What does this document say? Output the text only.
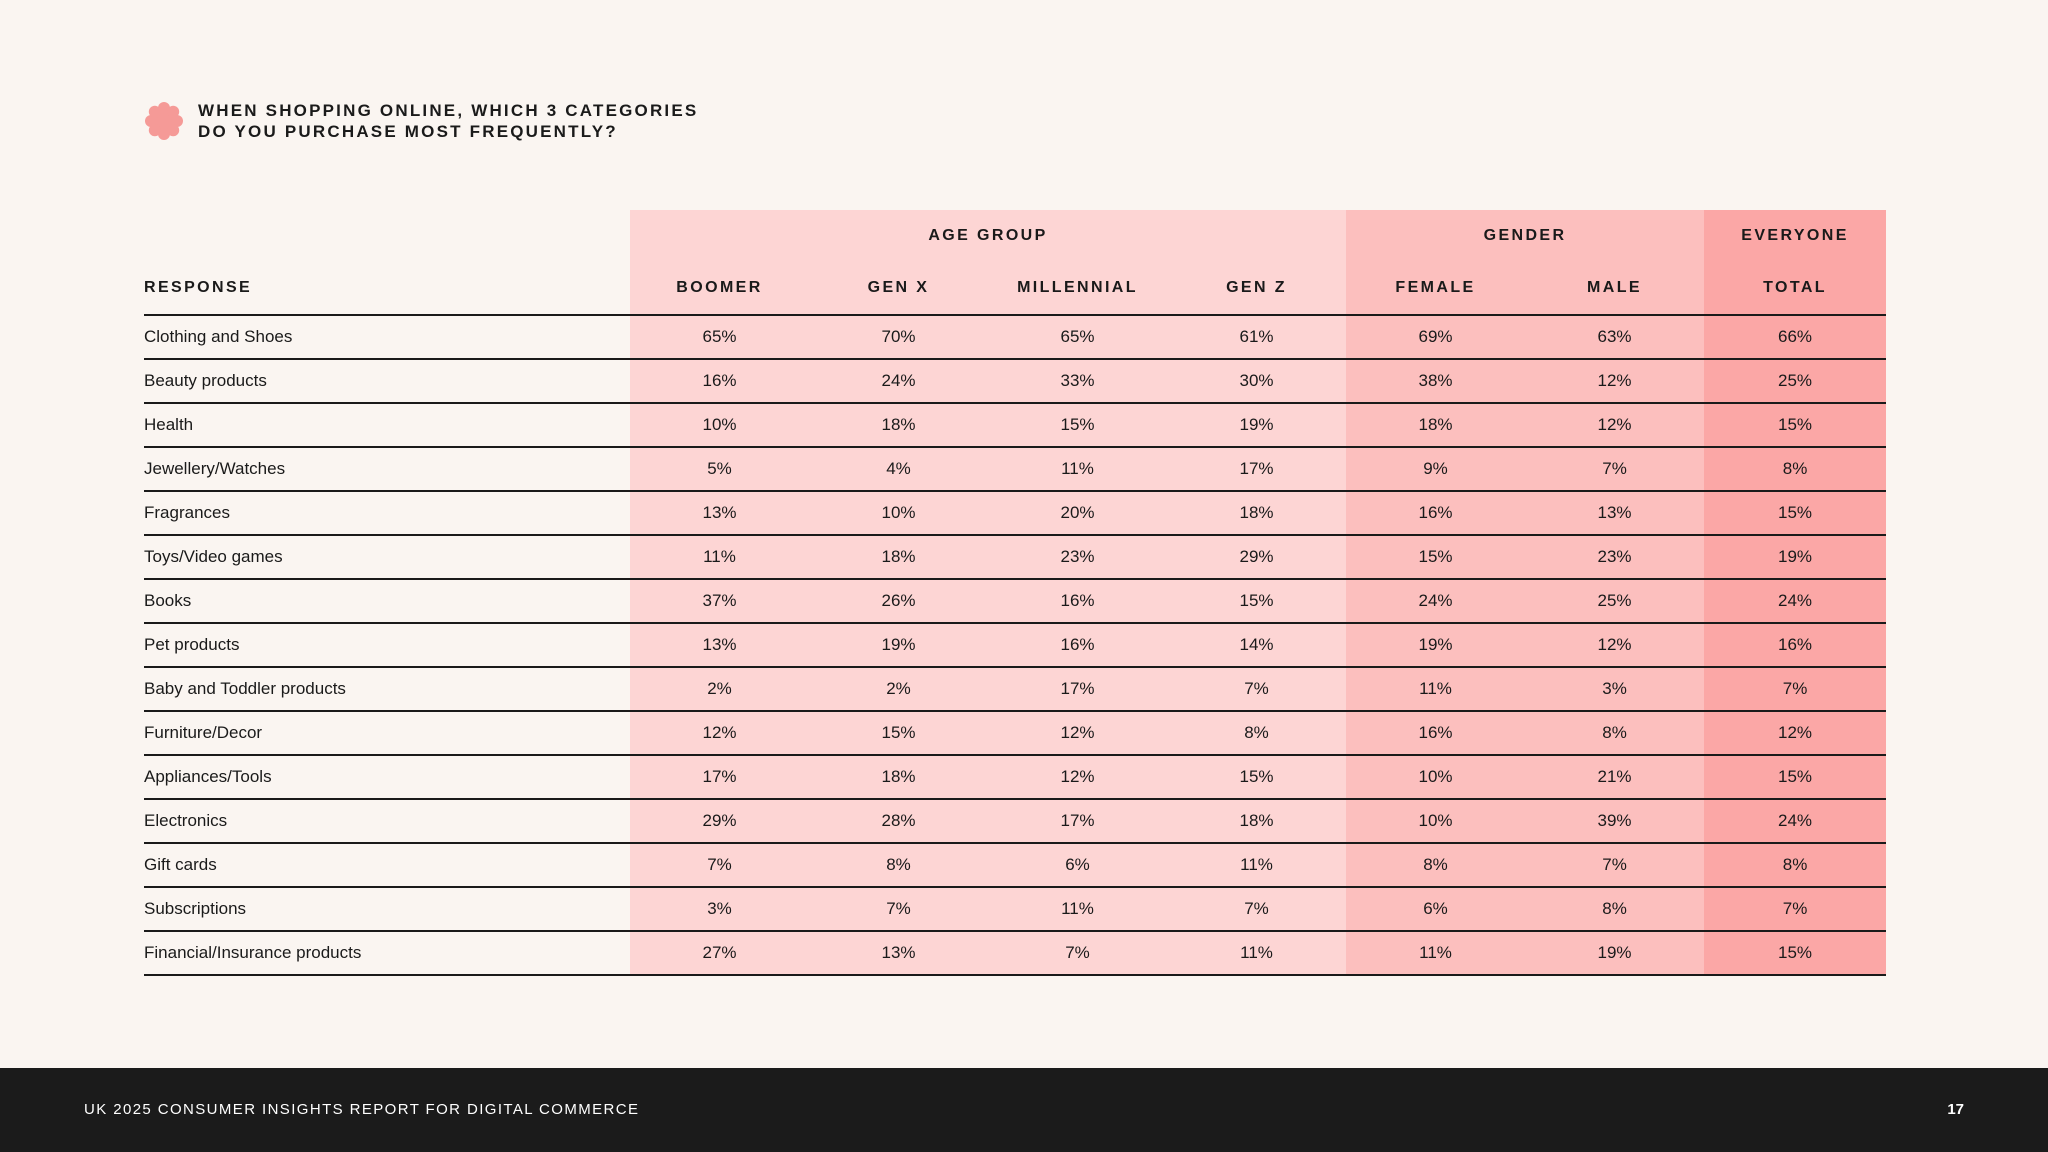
WHEN SHOPPING ONLINE, WHICH 3 CATEGORIES
DO YOU PURCHASE MOST FREQUENTLY?
	AGE GROUP				GENDER		EVERYONE
RESPONSE	BOOMER	GEN X	MILLENNIAL	GEN Z	FEMALE	MALE	TOTAL
Clothing and Shoes	65%	70%	65%	61%	69%	63%	66%
Beauty products	16%	24%	33%	30%	38%	12%	25%
Health	10%	18%	15%	19%	18%	12%	15%
Jewellery/Watches	5%	4%	11%	17%	9%	7%	8%
Fragrances	13%	10%	20%	18%	16%	13%	15%
Toys/Video games	11%	18%	23%	29%	15%	23%	19%
Books	37%	26%	16%	15%	24%	25%	24%
Pet products	13%	19%	16%	14%	19%	12%	16%
Baby and Toddler products	2%	2%	17%	7%	11%	3%	7%
Furniture/Decor	12%	15%	12%	8%	16%	8%	12%
Appliances/Tools	17%	18%	12%	15%	10%	21%	15%
Electronics	29%	28%	17%	18%	10%	39%	24%
Gift cards	7%	8%	6%	11%	8%	7%	8%
Subscriptions	3%	7%	11%	7%	6%	8%	7%
Financial/Insurance products	27%	13%	7%	11%	11%	19%	15%
UK 2025 CONSUMER INSIGHTS REPORT FOR DIGITAL COMMERCE	17
